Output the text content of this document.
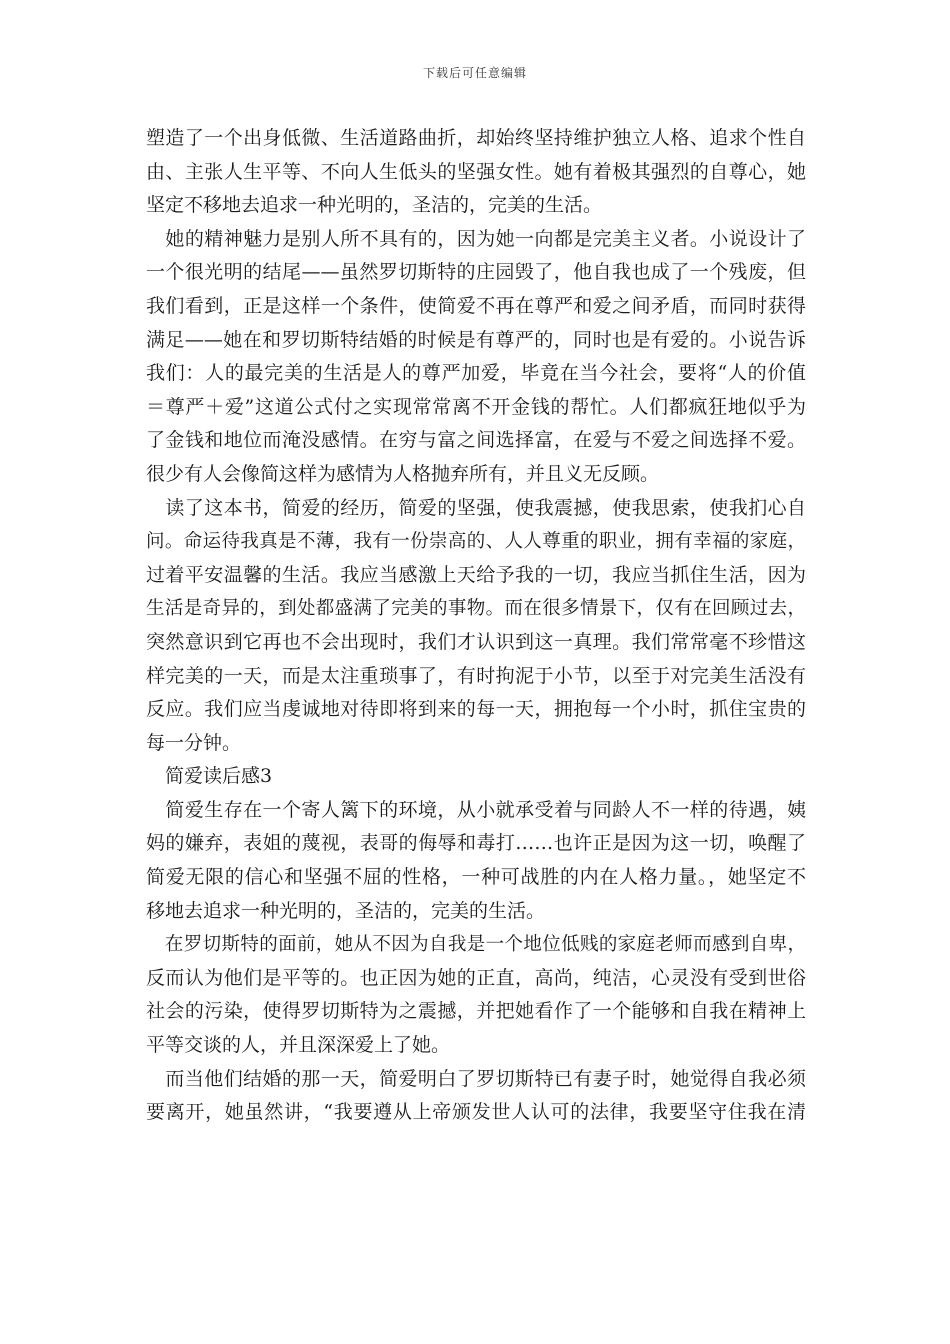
下载后可任意编辑
塑造了一个出身低微、生活道路曲折，却始终坚持维护独立人格、追求个性自
由、主张人生平等、不向人生低头的坚强女性。她有着极其强烈的自尊心，她
坚定不移地去追求一种光明的，圣洁的，完美的生活。
　她的精神魅力是别人所不具有的，因为她一向都是完美主义者。小说设计了
一个很光明的结尾——虽然罗切斯特的庄园毁了，他自我也成了一个残废，但
我们看到，正是这样一个条件，使简爱不再在尊严和爱之间矛盾，而同时获得
满足——她在和罗切斯特结婚的时候是有尊严的，同时也是有爱的。小说告诉
我们：人的最完美的生活是人的尊严加爱，毕竟在当今社会，要将“人的价值
＝尊严＋爱”这道公式付之实现常常离不开金钱的帮忙。人们都疯狂地似乎为
了金钱和地位而淹没感情。在穷与富之间选择富，在爱与不爱之间选择不爱。
很少有人会像简这样为感情为人格抛弃所有，并且义无反顾。
　读了这本书，简爱的经历，简爱的坚强，使我震撼，使我思索，使我扪心自
问。命运待我真是不薄，我有一份崇高的、人人尊重的职业，拥有幸福的家庭，
过着平安温馨的生活。我应当感激上天给予我的一切，我应当抓住生活，因为
生活是奇异的，到处都盛满了完美的事物。而在很多情景下，仅有在回顾过去，
突然意识到它再也不会出现时，我们才认识到这一真理。我们常常毫不珍惜这
样完美的一天，而是太注重琐事了，有时拘泥于小节，以至于对完美生活没有
反应。我们应当虔诚地对待即将到来的每一天，拥抱每一个小时，抓住宝贵的
每一分钟。
　简爱读后感3
　简爱生存在一个寄人篱下的环境，从小就承受着与同龄人不一样的待遇，姨
妈的嫌弃，表姐的蔑视，表哥的侮辱和毒打……也许正是因为这一切，唤醒了
简爱无限的信心和坚强不屈的性格，一种可战胜的内在人格力量。，她坚定不
移地去追求一种光明的，圣洁的，完美的生活。
　在罗切斯特的面前，她从不因为自我是一个地位低贱的家庭老师而感到自卑，
反而认为他们是平等的。也正因为她的正直，高尚，纯洁，心灵没有受到世俗
社会的污染，使得罗切斯特为之震撼，并把她看作了一个能够和自我在精神上
平等交谈的人，并且深深爱上了她。
　而当他们结婚的那一天，简爱明白了罗切斯特已有妻子时，她觉得自我必须
要离开，她虽然讲，“我要遵从上帝颁发世人认可的法律，我要坚守住我在清
